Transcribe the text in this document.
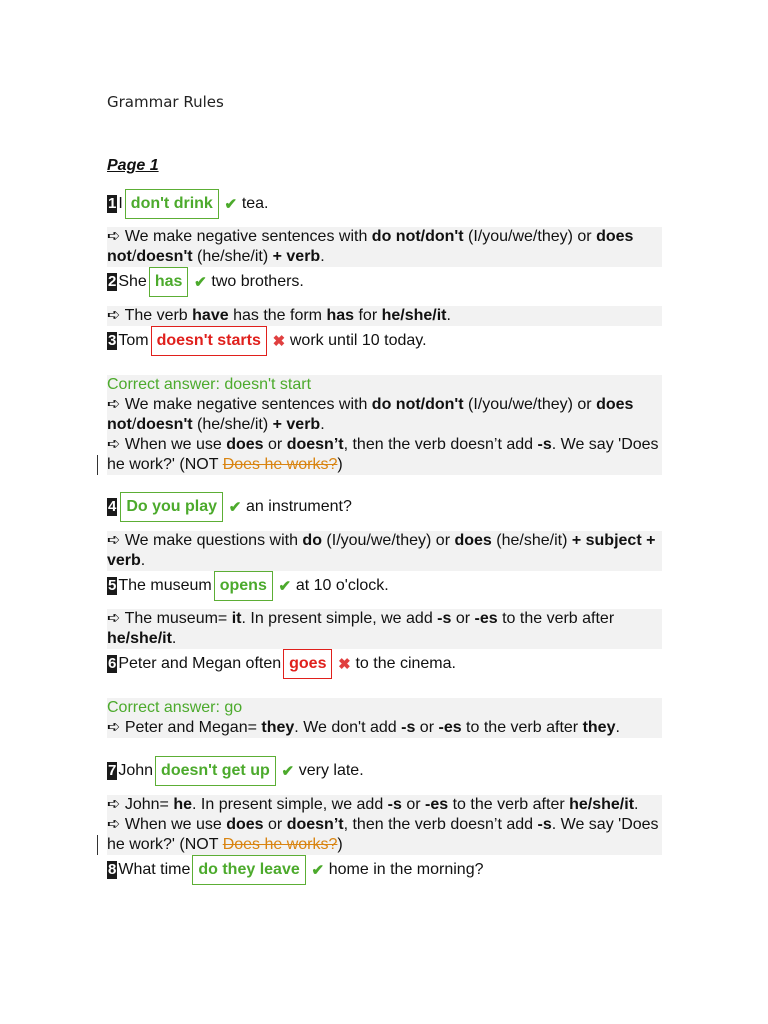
Grammar Rules
Page 1
1 I don't drink ✔ tea.
➪ We make negative sentences with do not/don't (I/you/we/they) or does not/doesn't (he/she/it) + verb.
2 She has ✔ two brothers.
➪ The verb have has the form has for he/she/it.
3 Tom doesn't starts ✖ work until 10 today.
Correct answer: doesn't start
➪ We make negative sentences with do not/don't (I/you/we/they) or does not/doesn't (he/she/it) + verb.
➪ When we use does or doesn’t, then the verb doesn’t add -s. We say 'Does he work?' (NOT Does he works?)
4 Do you play ✔ an instrument?
➪ We make questions with do (I/you/we/they) or does (he/she/it) + subject + verb.
5 The museum opens ✔ at 10 o'clock.
➪ The museum= it. In present simple, we add -s or -es to the verb after he/she/it.
6 Peter and Megan often goes ✖ to the cinema.
Correct answer: go
➪ Peter and Megan= they. We don't add -s or -es to the verb after they.
7 John doesn't get up ✔ very late.
➪ John= he. In present simple, we add -s or -es to the verb after he/she/it.
➪ When we use does or doesn’t, then the verb doesn’t add -s. We say 'Does he work?' (NOT Does he works?)
8 What time do they leave ✔ home in the morning?
